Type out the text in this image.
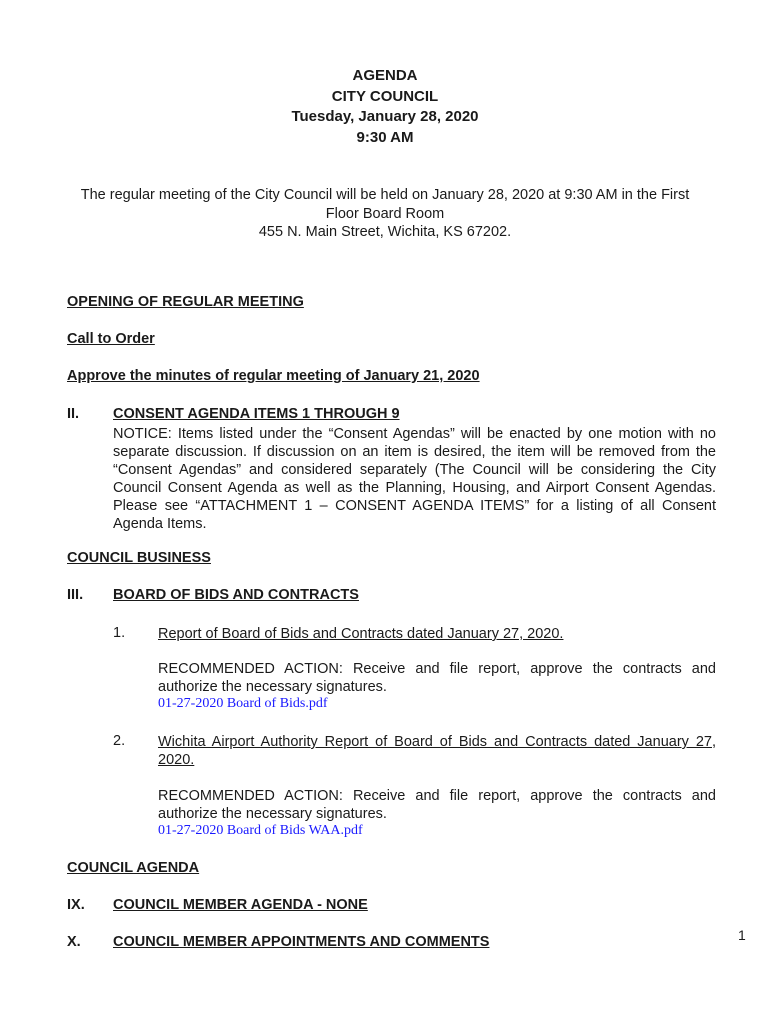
AGENDA
CITY COUNCIL
Tuesday, January 28, 2020
9:30 AM
The regular meeting of the City Council will be held on January 28, 2020 at 9:30 AM in the First
Floor Board Room
455 N. Main Street, Wichita, KS 67202.
OPENING OF REGULAR MEETING
Call to Order
Approve the minutes of regular meeting of January 21, 2020
II. CONSENT AGENDA ITEMS 1 THROUGH 9
NOTICE: Items listed under the “Consent Agendas” will be enacted by one motion with no separate discussion. If discussion on an item is desired, the item will be removed from the “Consent Agendas” and considered separately (The Council will be considering the City Council Consent Agenda as well as the Planning, Housing, and Airport Consent Agendas. Please see “ATTACHMENT 1 – CONSENT AGENDA ITEMS” for a listing of all Consent Agenda Items.
COUNCIL BUSINESS
III. BOARD OF BIDS AND CONTRACTS
1. Report of Board of Bids and Contracts dated January 27, 2020.
RECOMMENDED ACTION: Receive and file report, approve the contracts and authorize the necessary signatures.
01-27-2020 Board of Bids.pdf
2. Wichita Airport Authority Report of Board of Bids and Contracts dated January 27, 2020.
RECOMMENDED ACTION: Receive and file report, approve the contracts and authorize the necessary signatures.
01-27-2020 Board of Bids WAA.pdf
COUNCIL AGENDA
IX. COUNCIL MEMBER AGENDA - NONE
X. COUNCIL MEMBER APPOINTMENTS AND COMMENTS	1
